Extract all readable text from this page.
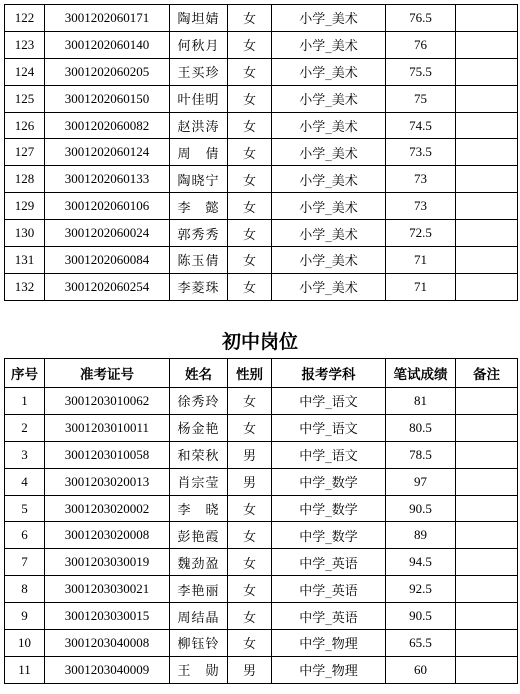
122	3001202060171	陶坦婧	女	小学_美术	76.5	
123	3001202060140	何秋月	女	小学_美术	76	
124	3001202060205	王买珍	女	小学_美术	75.5	
125	3001202060150	叶佳明	女	小学_美术	75	
126	3001202060082	赵洪涛	女	小学_美术	74.5	
127	3001202060124	周　倩	女	小学_美术	73.5	
128	3001202060133	陶晓宁	女	小学_美术	73	
129	3001202060106	李　懿	女	小学_美术	73	
130	3001202060024	郭秀秀	女	小学_美术	72.5	
131	3001202060084	陈玉倩	女	小学_美术	71	
132	3001202060254	李菱珠	女	小学_美术	71	
初中岗位
序号	准考证号	姓名	性别	报考学科	笔试成绩	备注
1	3001203010062	徐秀玲	女	中学_语文	81	
2	3001203010011	杨金艳	女	中学_语文	80.5	
3	3001203010058	和荣秋	男	中学_语文	78.5	
4	3001203020013	肖宗莹	男	中学_数学	97	
5	3001203020002	李　晓	女	中学_数学	90.5	
6	3001203020008	彭艳霞	女	中学_数学	89	
7	3001203030019	魏劲盈	女	中学_英语	94.5	
8	3001203030021	李艳丽	女	中学_英语	92.5	
9	3001203030015	周结晶	女	中学_英语	90.5	
10	3001203040008	柳钰铃	女	中学_物理	65.5	
11	3001203040009	王　勋	男	中学_物理	60	
